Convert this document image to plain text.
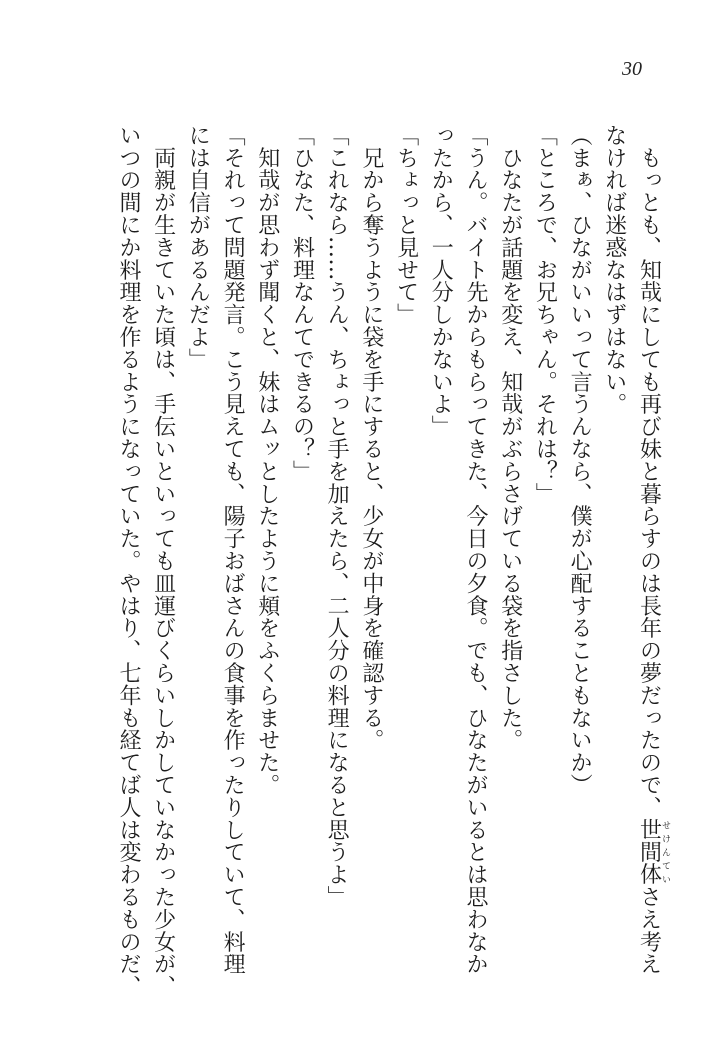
30
　もっとも、知哉にしても再び妹と暮らすのは長年の夢だったので、世間体せけんていさえ考え
なければ迷惑なはずはない。
（まぁ、ひながいいって言うんなら、僕が心配することもないか）
「ところで、お兄ちゃん。それは？」
　ひなたが話題を変え、知哉がぶらさげている袋を指さした。
「うん。バイト先からもらってきた、今日の夕食。でも、ひなたがいるとは思わなか
ったから、一人分しかないよ」
「ちょっと見せて」
　兄から奪うように袋を手にすると、少女が中身を確認する。
「これなら……うん、ちょっと手を加えたら、二人分の料理になると思うよ」
「ひなた、料理なんてできるの？」
　知哉が思わず聞くと、妹はムッとしたように頬をふくらませた。
「それって問題発言。こう見えても、陽子おばさんの食事を作ったりしていて、料理
には自信があるんだよ」
　両親が生きていた頃は、手伝いといっても皿運びくらいしかしていなかった少女が、
いつの間にか料理を作るようになっていた。やはり、七年も経てば人は変わるものだ、
